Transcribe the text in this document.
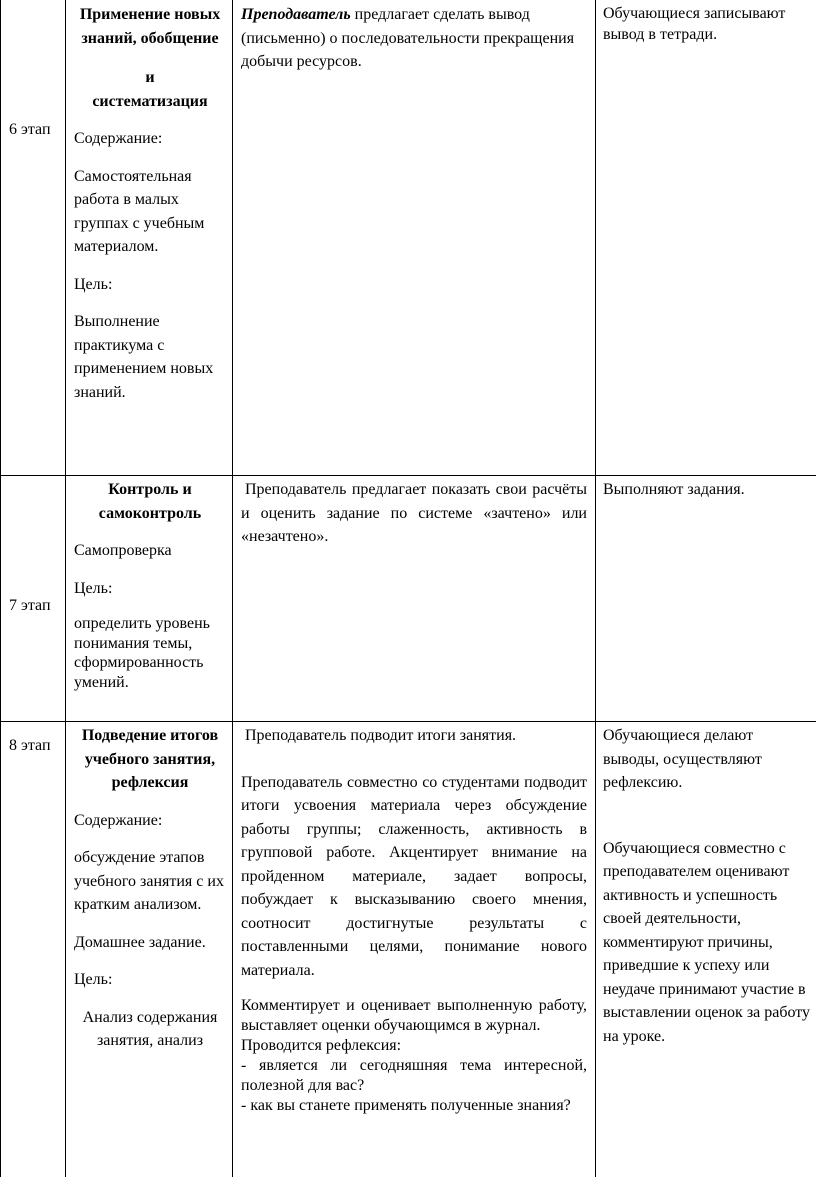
6 этап

Применение новых знаний, обобщение

и

систематизация

Содержание:

Самостоятельная работа в малых группах с учебным материалом.

Цель:

Выполнение практикума с применением новых знаний.

Преподаватель предлагает сделать вывод (письменно) о последовательности прекращения добычи ресурсов.

Обучающиеся записывают вывод в тетради.

7 этап

Контроль и самоконтроль

Самопроверка

Цель:

определить уровень понимания темы, сформированность умений.

Преподаватель предлагает показать свои расчёты и оценить задание по системе «зачтено» или «незачтено».

Выполняют задания.

8 этап

Подведение итогов учебного занятия, рефлексия

Содержание:

обсуждение этапов учебного занятия с их кратким анализом.

Домашнее задание.

Цель:

Анализ содержания занятия, анализ

Преподаватель подводит итоги занятия.

Преподаватель совместно со студентами подводит итоги усвоения материала через обсуждение работы группы; слаженность, активность в групповой работе. Акцентирует внимание на пройденном материале, задает вопросы, побуждает к высказыванию своего мнения, соотносит достигнутые результаты с поставленными целями, понимание нового материала.

Комментирует и оценивает выполненную работу, выставляет оценки обучающимся в журнал.

Проводится рефлексия:

- является ли сегодняшняя тема интересной, полезной для вас?

- как вы станете применять полученные знания?

Обучающиеся делают выводы, осуществляют рефлексию.

Обучающиеся совместно с преподавателем оценивают активность и успешность своей деятельности, комментируют причины, приведшие к успеху или неудаче принимают участие в выставлении оценок за работу на уроке.
